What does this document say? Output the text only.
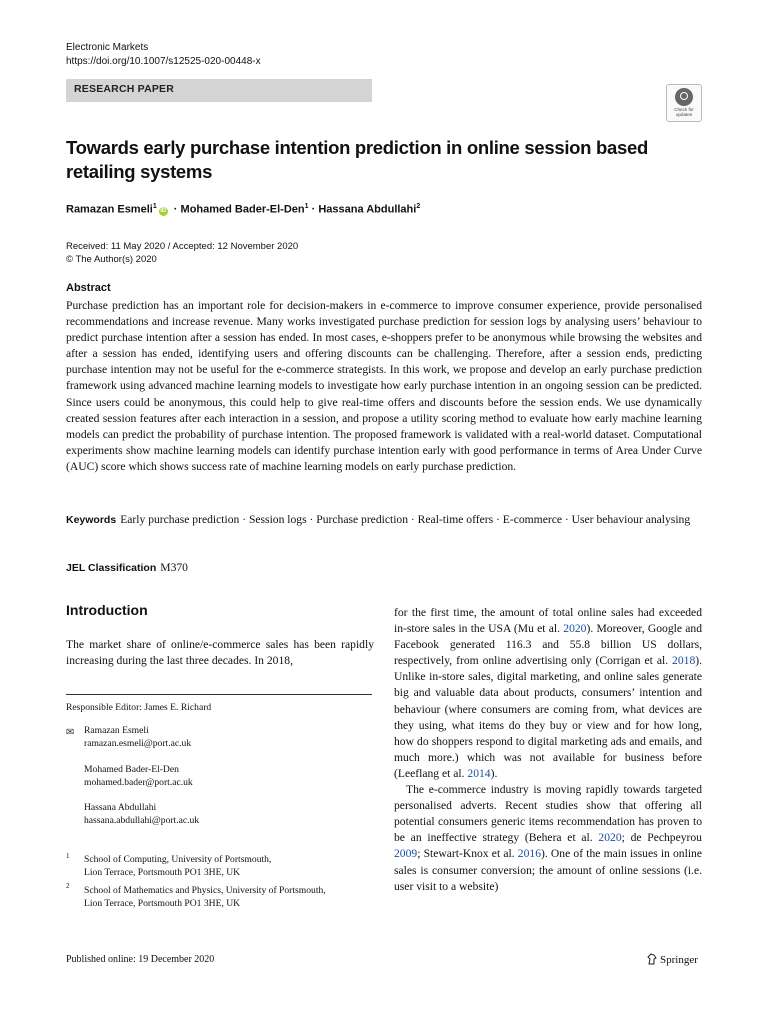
Electronic Markets
https://doi.org/10.1007/s12525-020-00448-x
RESEARCH PAPER
Check for
updates
Towards early purchase intention prediction in online session based
retailing systems
Ramazan Esmeli$^1$iD · Mohamed Bader-El-Den$^1$ · Hassana Abdullahi$^2$
Received: 11 May 2020 / Accepted: 12 November 2020
© The Author(s) 2020
Abstract
Purchase prediction has an important role for decision-makers in e-commerce to improve consumer experience, provide personalised recommendations and increase revenue. Many works investigated purchase prediction for session logs by analysing users’ behaviour to predict purchase intention after a session has ended. In most cases, e-shoppers prefer to be anonymous while browsing the websites and after a session has ended, identifying users and offering discounts can be challenging. Therefore, after a session ends, predicting purchase intention may not be useful for the e-commerce strategists. In this work, we propose and develop an early purchase prediction framework using advanced machine learning models to investigate how early purchase intention in an ongoing session can be predicted. Since users could be anonymous, this could help to give real-time offers and discounts before the session ends. We use dynamically created session features after each interaction in a session, and propose a utility scoring method to evaluate how early machine learning models can predict the probability of purchase intention. The proposed framework is validated with a real-world dataset. Computational experiments show machine learning models can identify purchase intention early with good performance in terms of Area Under Curve (AUC) score which shows success rate of machine learning models on early purchase prediction.
Keywords Early purchase prediction · Session logs · Purchase prediction · Real-time offers · E-commerce · User behaviour analysing
JEL Classification M370
Introduction
The market share of online/e-commerce sales has been rapidly increasing during the last three decades. In 2018,
Responsible Editor: James E. Richard
✉ Ramazan Esmeli
ramazan.esmeli@port.ac.uk
Mohamed Bader-El-Den
mohamed.bader@port.ac.uk
Hassana Abdullahi
hassana.abdullahi@port.ac.uk
1 School of Computing, University of Portsmouth,
Lion Terrace, Portsmouth PO1 3HE, UK
2 School of Mathematics and Physics, University of Portsmouth,
Lion Terrace, Portsmouth PO1 3HE, UK

for the first time, the amount of total online sales had exceeded in-store sales in the USA (Mu et al. 2020). Moreover, Google and Facebook generated 116.3 and 55.8 billion US dollars, respectively, from online advertising only (Corrigan et al. 2018). Unlike in-store sales, digital marketing, and online sales generate big and valuable data about products, consumers’ intention and behaviour (where consumers are coming from, what devices are they using, what items do they buy or view and for how long, how do shoppers respond to digital marketing ads and emails, and much more.) which was not available for business before (Leeflang et al. 2014).

The e-commerce industry is moving rapidly towards targeted personalised adverts. Recent studies show that offering all potential consumers generic items recommendation has proven to be an ineffective strategy (Behera et al. 2020; de Pechpeyrou 2009; Stewart-Knox et al. 2016). One of the main issues in online sales is consumer conversion; the amount of online sessions (i.e. user visit to a website)

Published online: 19 December 2020	Springer
